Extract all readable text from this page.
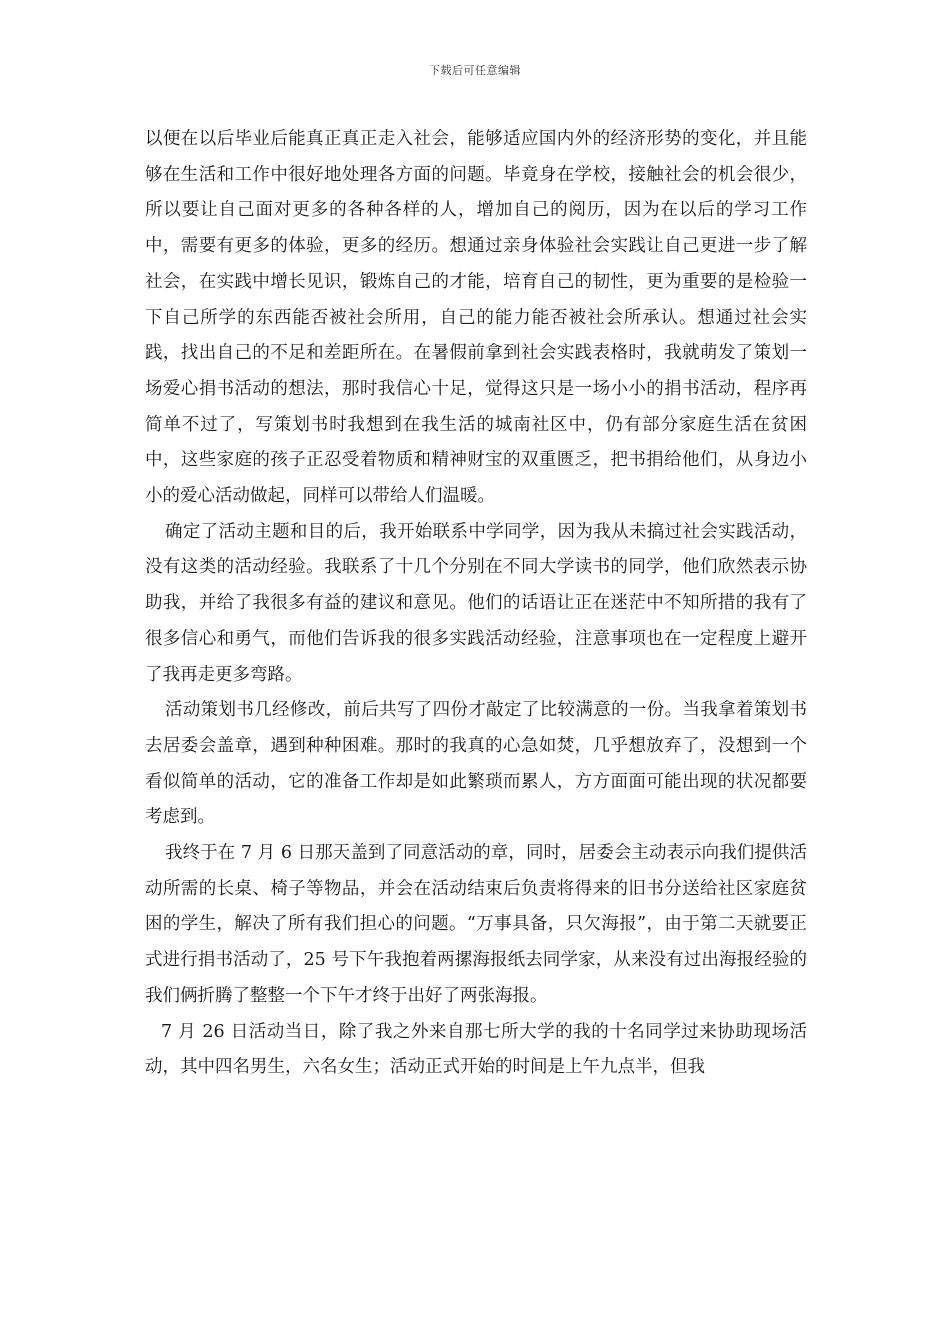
下载后可任意编辑

以便在以后毕业后能真正真正走入社会，能够适应国内外的经济形势的变化，并且能够在生活和工作中很好地处理各方面的问题。毕竟身在学校，接触社会的机会很少，所以要让自己面对更多的各种各样的人，增加自己的阅历，因为在以后的学习工作中，需要有更多的体验，更多的经历。想通过亲身体验社会实践让自己更进一步了解社会，在实践中增长见识，锻炼自己的才能，培育自己的韧性，更为重要的是检验一下自己所学的东西能否被社会所用，自己的能力能否被社会所承认。想通过社会实践，找出自己的不足和差距所在。在暑假前拿到社会实践表格时，我就萌发了策划一场爱心捐书活动的想法，那时我信心十足，觉得这只是一场小小的捐书活动，程序再简单不过了，写策划书时我想到在我生活的城南社区中，仍有部分家庭生活在贫困中，这些家庭的孩子正忍受着物质和精神财宝的双重匮乏，把书捐给他们，从身边小小的爱心活动做起，同样可以带给人们温暖。

确定了活动主题和目的后，我开始联系中学同学，因为我从未搞过社会实践活动，没有这类的活动经验。我联系了十几个分别在不同大学读书的同学，他们欣然表示协助我，并给了我很多有益的建议和意见。他们的话语让正在迷茫中不知所措的我有了很多信心和勇气，而他们告诉我的很多实践活动经验，注意事项也在一定程度上避开了我再走更多弯路。

活动策划书几经修改，前后共写了四份才敲定了比较满意的一份。当我拿着策划书去居委会盖章，遇到种种困难。那时的我真的心急如焚，几乎想放弃了，没想到一个看似简单的活动，它的准备工作却是如此繁琐而累人，方方面面可能出现的状况都要考虑到。

我终于在 7 月 6 日那天盖到了同意活动的章，同时，居委会主动表示向我们提供活动所需的长桌、椅子等物品，并会在活动结束后负责将得来的旧书分送给社区家庭贫困的学生，解决了所有我们担心的问题。“万事具备，只欠海报”，由于第二天就要正式进行捐书活动了，25 号下午我抱着两摞海报纸去同学家，从来没有过出海报经验的我们俩折腾了整整一个下午才终于出好了两张海报。

7 月 26 日活动当日，除了我之外来自那七所大学的我的十名同学过来协助现场活动，其中四名男生，六名女生；活动正式开始的时间是上午九点半，但我
